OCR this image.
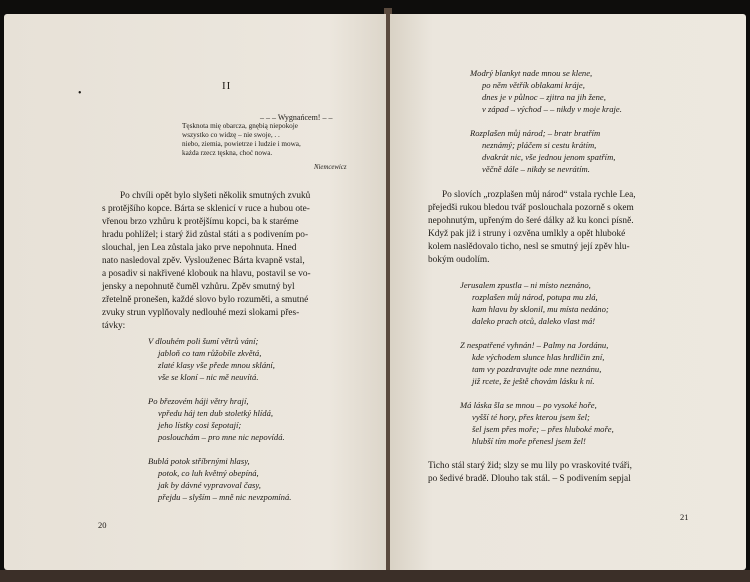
II
•
– – – Wygnańcem! – –
Tęsknota mię obarcza, gnębią niepokoje
wszystko co widzę – nie swoje, . .
niebo, ziemia, powietrze i ludzie i mowa,
każda rzecz tęskna, choć nowa.
Niemcewicz
Po chvíli opět bylo slyšeti několik smutných zvuků
s protějšího kopce. Bárta se sklenicí v ruce a hubou ote-
vřenou brzo vzhůru k protějšímu kopci, ba k staréme
hradu pohlížel; i starý žid zůstal státi a s podivením po-
slouchal, jen Lea zůstala jako prve nepohnuta. Hned
nato nasledoval zpěv. Vyslouženec Bárta kvapně vstal,
a posadiv si nakřivené klobouk na hlavu, postavil se vo-
jensky a nepohnutě čuměl vzhůru. Zpěv smutný byl
zřetelně pronešen, každé slovo bylo rozuměti, a smutné
zvuky strun vyplňovaly nedlouhé mezi slokami přes-
távky:
V dlouhém poli šumí větrů vání;
jabloň co tam růžobíle zkvětá,
zlaté klasy vše přede mnou sklání,
vše se kloní – nic mě neuvítá.
Po březovém háji větry hrají,
vpředu háj ten dub stoletký hlídá,
jeho lístky cosi šepotají;
poslouchám – pro mne nic nepovídá.
Bublá potok stříbrnými hlasy,
potok, co luh květný obepíná,
jak by dávné vypravoval časy,
přejdu – slyším – mně nic nevzpomíná.
20
Modrý blankyt nade mnou se klene,
po něm větřík oblakami kráje,
dnes je v půlnoc – zjitra na jih žene,
v západ – východ – – nikdy v moje kraje.
Rozplašen můj národ; – bratr bratřím
neznámý; pláčem si cestu krátím,
dvakrát nic, vše jednou jenom spatřím,
věčně dále – nikdy se nevrátím.
Po slovích „rozplašen můj národ“ vstala rychle Lea,
přejedši rukou bledou tvář poslouchala pozorně s okem
nepohnutým, upřeným do šeré dálky až ku konci písně.
Když pak již i struny i ozvěna umlkly a opět hluboké
kolem naslědovalo ticho, nesl se smutný její zpěv hlu-
bokým oudolím.
Jerusalem zpustla – ni místo neznáno,
rozplašen můj národ, potupa mu zlá,
kam hlavu by sklonil, mu místa nedáno;
daleko prach otců, daleko vlast má!
Z nespatřené vyhnán! – Palmy na Jordánu,
kde východem slunce hlas hrdličin zní,
tam vy pozdravujte ode mne neznánu,
již rcete, že ještě chovám lásku k ní.
Má láska šla se mnou – po vysoké hoře,
vyšší té hory, přes kterou jsem šel;
šel jsem přes moře; – přes hluboké moře,
hlubší tím moře přenesl jsem žel!
Ticho stál starý žid; slzy se mu lily po vraskovité tváři,
po šedivé bradě. Dlouho tak stál. – S podivením sepjal
21
